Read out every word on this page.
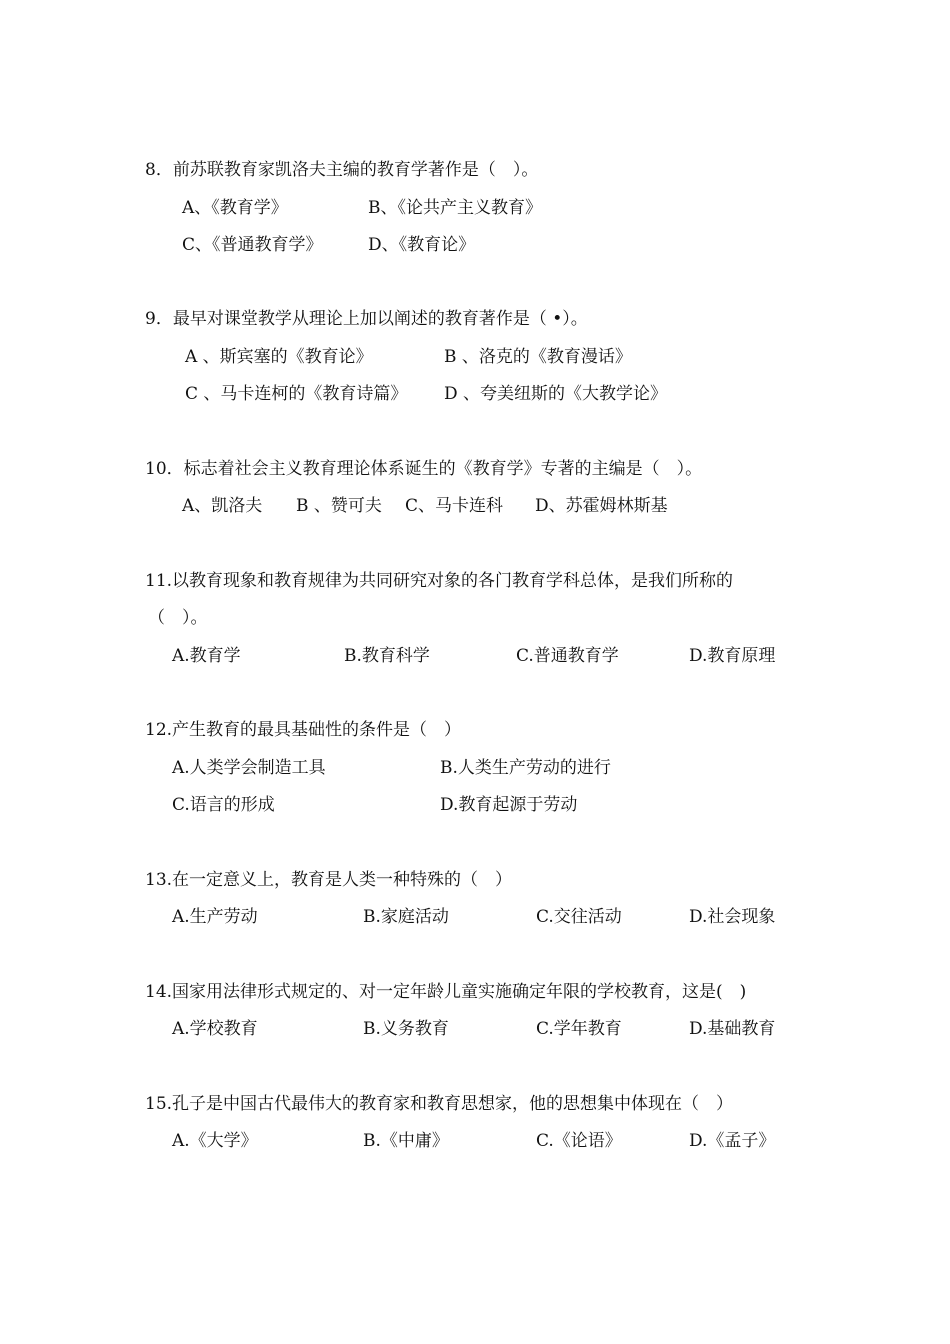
8．前苏联教育家凯洛夫主编的教育学著作是（　）。
A、《教育学》	B、《论共产主义教育》
C、《普通教育学》	D、《教育论》
9．最早对课堂教学从理论上加以阐述的教育著作是（ •）。
A 、斯宾塞的《教育论》	B 、洛克的《教育漫话》
C 、马卡连柯的《教育诗篇》 D 、夸美纽斯的《大教学论》
10．标志着社会主义教育理论体系诞生的《教育学》专著的主编是（　）。
A、凯洛夫 B 、赞可夫 C、马卡连科 D、苏霍姆林斯基
11.以教育现象和教育规律为共同研究对象的各门教育学科总体，是我们所称的
（　）。
A.教育学	B.教育科学	C.普通教育学	D.教育原理
12.产生教育的最具基础性的条件是（　）
A.人类学会制造工具	B.人类生产劳动的进行
C.语言的形成	D.教育起源于劳动
13.在一定意义上，教育是人类一种特殊的（　）
A.生产劳动	B.家庭活动	C.交往活动	D.社会现象
14.国家用法律形式规定的、对一定年龄儿童实施确定年限的学校教育，这是(　)
A.学校教育	B.义务教育	C.学年教育	D.基础教育
15.孔子是中国古代最伟大的教育家和教育思想家，他的思想集中体现在（　）
A.《大学》	B.《中庸》	C.《论语》	D.《孟子》
